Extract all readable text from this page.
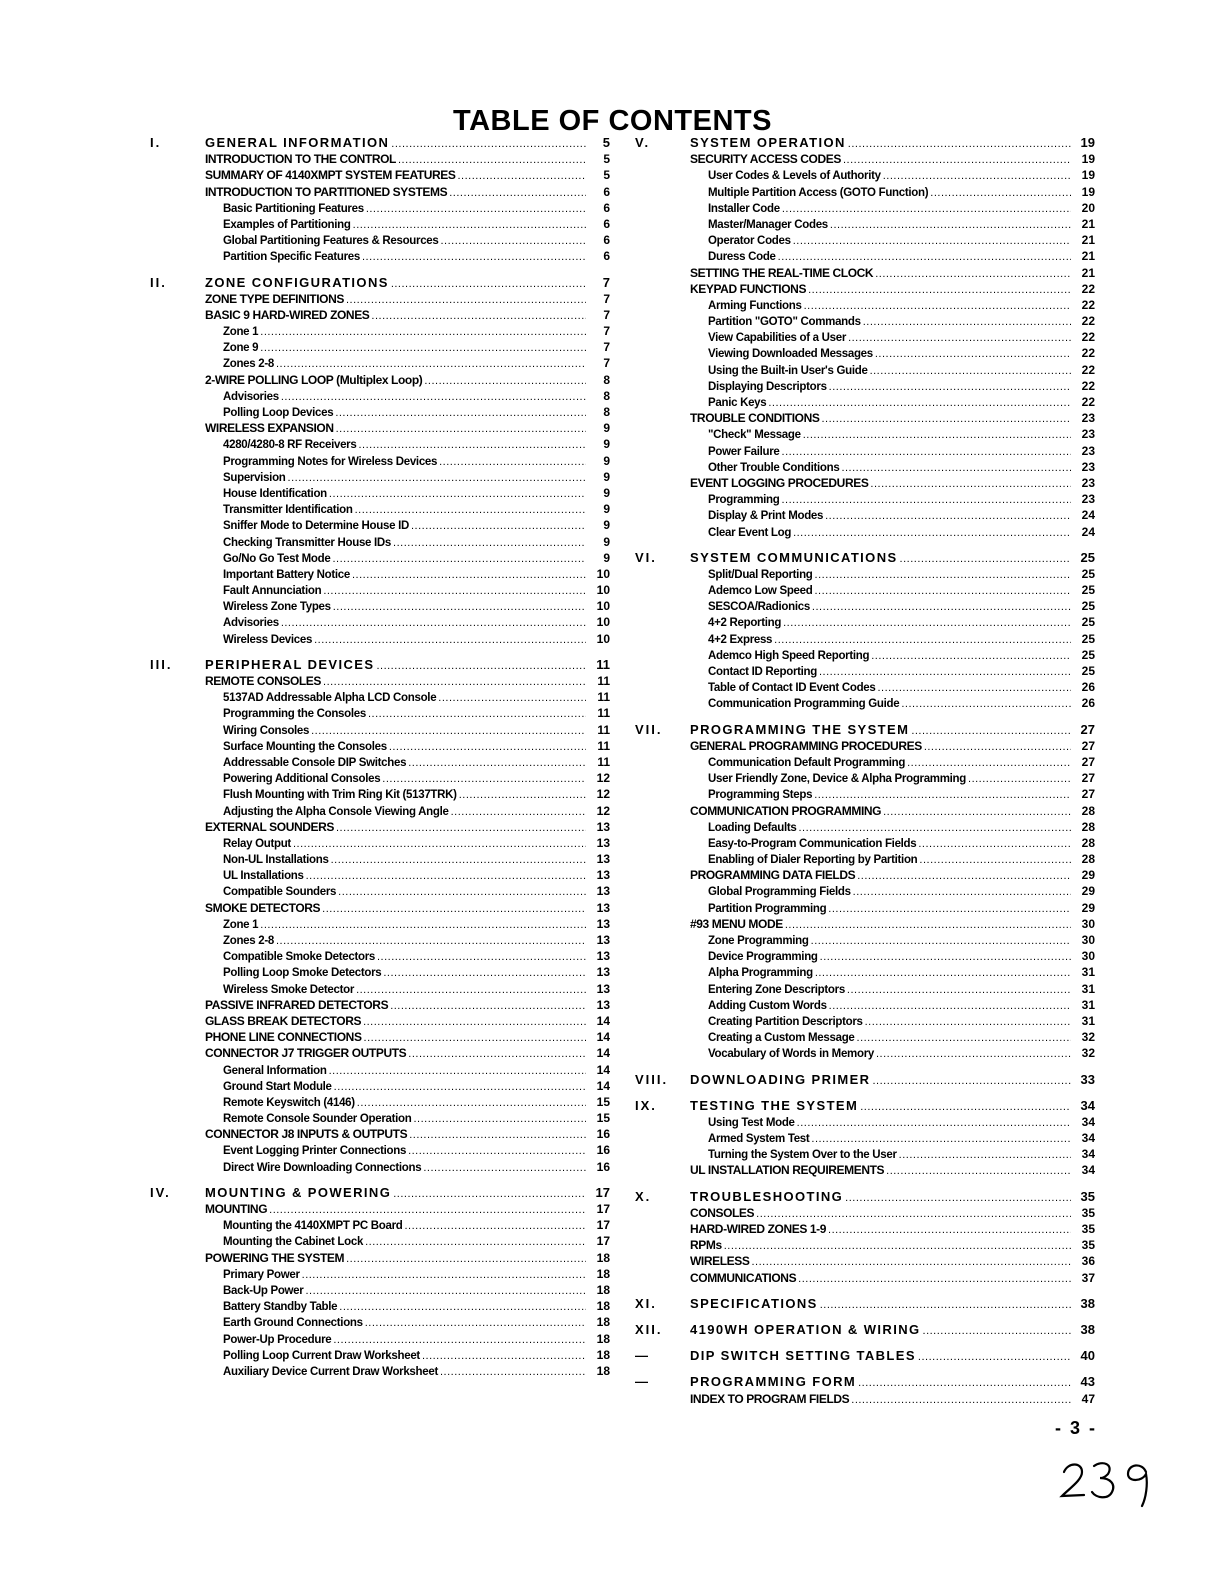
TABLE OF CONTENTS
I.	GENERAL INFORMATION .....	5
INTRODUCTION TO THE CONTROL .....	5
SUMMARY OF 4140XMPT SYSTEM FEATURES .....	5
INTRODUCTION TO PARTITIONED SYSTEMS .....	6
Basic Partitioning Features .....	6
Examples of Partitioning .....	6
Global Partitioning Features & Resources .....	6
Partition Specific Features .....	6
II.	ZONE CONFIGURATIONS .....	7
ZONE TYPE DEFINITIONS .....	7
BASIC 9 HARD-WIRED ZONES .....	7
Zone 1 .....	7
Zone 9 .....	7
Zones 2-8 .....	7
2-WIRE POLLING LOOP (Multiplex Loop) .....	8
Advisories .....	8
Polling Loop Devices .....	8
WIRELESS EXPANSION .....	9
4280/4280-8 RF Receivers .....	9
Programming Notes for Wireless Devices .....	9
Supervision .....	9
House Identification .....	9
Transmitter Identification .....	9
Sniffer Mode to Determine House ID .....	9
Checking Transmitter House IDs .....	9
Go/No Go Test Mode .....	9
Important Battery Notice .....	10
Fault Annunciation .....	10
Wireless Zone Types .....	10
Advisories .....	10
Wireless Devices .....	10
III.	PERIPHERAL DEVICES .....	11
REMOTE CONSOLES .....	11
5137AD Addressable Alpha LCD Console .....	11
Programming the Consoles .....	11
Wiring Consoles .....	11
Surface Mounting the Consoles .....	11
Addressable Console DIP Switches .....	11
Powering Additional Consoles .....	12
Flush Mounting with Trim Ring Kit (5137TRK) .....	12
Adjusting the Alpha Console Viewing Angle .....	12
EXTERNAL SOUNDERS .....	13
Relay Output .....	13
Non-UL Installations .....	13
UL Installations .....	13
Compatible Sounders .....	13
SMOKE DETECTORS .....	13
Zone 1 .....	13
Zones 2-8 .....	13
Compatible Smoke Detectors .....	13
Polling Loop Smoke Detectors .....	13
Wireless Smoke Detector .....	13
PASSIVE INFRARED DETECTORS .....	13
GLASS BREAK DETECTORS .....	14
PHONE LINE CONNECTIONS .....	14
CONNECTOR J7 TRIGGER OUTPUTS .....	14
General Information .....	14
Ground Start Module .....	14
Remote Keyswitch (4146) .....	15
Remote Console Sounder Operation .....	15
CONNECTOR J8 INPUTS & OUTPUTS .....	16
Event Logging Printer Connections .....	16
Direct Wire Downloading Connections .....	16
IV.	MOUNTING & POWERING .....	17
MOUNTING .....	17
Mounting the 4140XMPT PC Board .....	17
Mounting the Cabinet Lock .....	17
POWERING THE SYSTEM .....	18
Primary Power .....	18
Back-Up Power .....	18
Battery Standby Table .....	18
Earth Ground Connections .....	18
Power-Up Procedure .....	18
Polling Loop Current Draw Worksheet .....	18
Auxiliary Device Current Draw Worksheet .....	18
V.	SYSTEM OPERATION .....	19
SECURITY ACCESS CODES .....	19
User Codes & Levels of Authority .....	19
Multiple Partition Access (GOTO Function) .....	19
Installer Code .....	20
Master/Manager Codes .....	21
Operator Codes .....	21
Duress Code .....	21
SETTING THE REAL-TIME CLOCK .....	21
KEYPAD FUNCTIONS .....	22
Arming Functions .....	22
Partition "GOTO" Commands .....	22
View Capabilities of a User .....	22
Viewing Downloaded Messages .....	22
Using the Built-in User's Guide .....	22
Displaying Descriptors .....	22
Panic Keys .....	22
TROUBLE CONDITIONS .....	23
"Check" Message .....	23
Power Failure .....	23
Other Trouble Conditions .....	23
EVENT LOGGING PROCEDURES .....	23
Programming .....	23
Display & Print Modes .....	24
Clear Event Log .....	24
VI.	SYSTEM COMMUNICATIONS .....	25
Split/Dual Reporting .....	25
Ademco Low Speed .....	25
SESCOA/Radionics .....	25
4+2 Reporting .....	25
4+2 Express .....	25
Ademco High Speed Reporting .....	25
Contact ID Reporting .....	25
Table of Contact ID Event Codes .....	26
Communication Programming Guide .....	26
VII.	PROGRAMMING THE SYSTEM .....	27
GENERAL PROGRAMMING PROCEDURES .....	27
Communication Default Programming .....	27
User Friendly Zone, Device & Alpha Programming .....	27
Programming Steps .....	27
COMMUNICATION PROGRAMMING .....	28
Loading Defaults .....	28
Easy-to-Program Communication Fields .....	28
Enabling of Dialer Reporting by Partition .....	28
PROGRAMMING DATA FIELDS .....	29
Global Programming Fields .....	29
Partition Programming .....	29
#93 MENU MODE .....	30
Zone Programming .....	30
Device Programming .....	30
Alpha Programming .....	31
Entering Zone Descriptors .....	31
Adding Custom Words .....	31
Creating Partition Descriptors .....	31
Creating a Custom Message .....	32
Vocabulary of Words in Memory .....	32
VIII.	DOWNLOADING PRIMER .....	33
IX.	TESTING THE SYSTEM .....	34
Using Test Mode .....	34
Armed System Test .....	34
Turning the System Over to the User .....	34
UL INSTALLATION REQUIREMENTS .....	34
X.	TROUBLESHOOTING .....	35
CONSOLES .....	35
HARD-WIRED ZONES 1-9 .....	35
RPMs .....	35
WIRELESS .....	36
COMMUNICATIONS .....	37
XI.	SPECIFICATIONS .....	38
XII.	4190WH OPERATION & WIRING .....	38
—	DIP SWITCH SETTING TABLES .....	40
—	PROGRAMMING FORM .....	43
INDEX TO PROGRAM FIELDS .....	47
- 3 -
